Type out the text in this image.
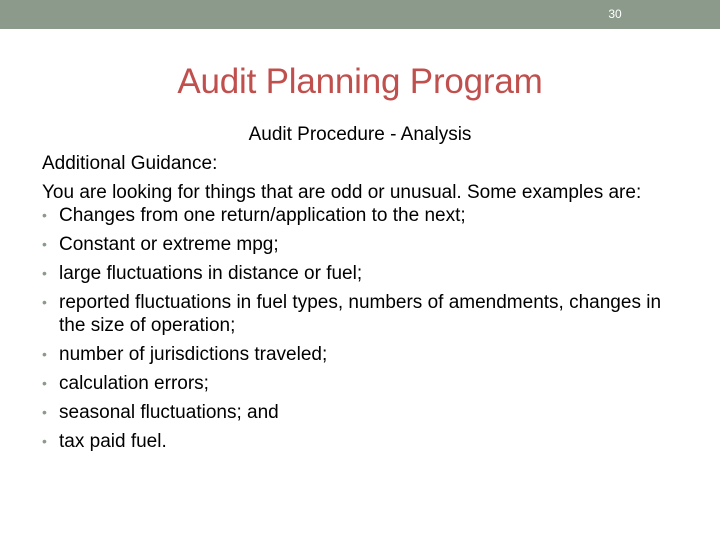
30
Audit Planning Program
Audit Procedure - Analysis

Additional Guidance:

You are looking for things that are odd or unusual. Some examples are:

• Changes from one return/application to the next;
• Constant or extreme mpg;
• large fluctuations in distance or fuel;
• reported fluctuations in fuel types, numbers of amendments, changes in the size of operation;
• number of jurisdictions traveled;
• calculation errors;
• seasonal fluctuations; and
• tax paid fuel.
